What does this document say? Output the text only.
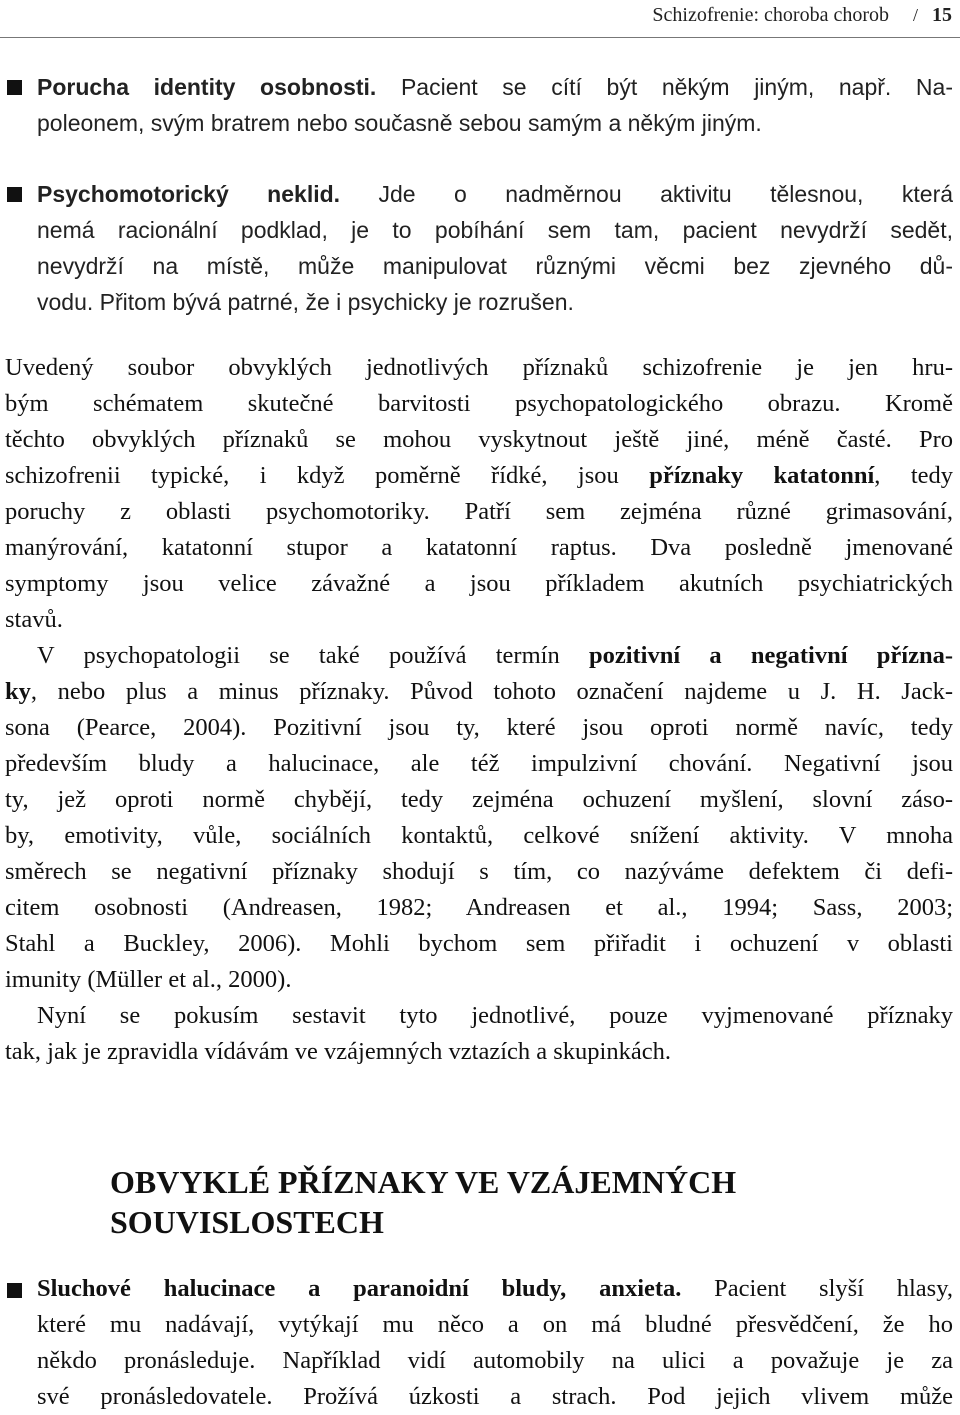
Schizofrenie: choroba chorob / 15
Porucha identity osobnosti. Pacient se cítí být někým jiným, např. Na-
poleonem, svým bratrem nebo současně sebou samým a někým jiným.
Psychomotorický neklid. Jde o nadměrnou aktivitu tělesnou, která
nemá racionální podklad, je to pobíhání sem tam, pacient nevydrží sedět,
nevydrží na místě, může manipulovat různými věcmi bez zjevného dů-
vodu. Přitom bývá patrné, že i psychicky je rozrušen.
Uvedený soubor obvyklých jednotlivých příznaků schizofrenie je jen hru-
bým schématem skutečné barvitosti psychopatologického obrazu. Kromě
těchto obvyklých příznaků se mohou vyskytnout ještě jiné, méně časté. Pro
schizofrenii typické, i když poměrně řídké, jsou příznaky katatonní, tedy
poruchy z oblasti psychomotoriky. Patří sem zejména různé grimasování,
manýrování, katatonní stupor a katatonní raptus. Dva posledně jmenované
symptomy jsou velice závažné a jsou příkladem akutních psychiatrických
stavů.
V psychopatologii se také používá termín pozitivní a negativní přízna-
ky, nebo plus a minus příznaky. Původ tohoto označení najdeme u J. H. Jack-
sona (Pearce, 2004). Pozitivní jsou ty, které jsou oproti normě navíc, tedy
především bludy a halucinace, ale též impulzivní chování. Negativní jsou
ty, jež oproti normě chybějí, tedy zejména ochuzení myšlení, slovní záso-
by, emotivity, vůle, sociálních kontaktů, celkové snížení aktivity. V mnoha
směrech se negativní příznaky shodují s tím, co nazýváme defektem či defi-
citem osobnosti (Andreasen, 1982; Andreasen et al., 1994; Sass, 2003;
Stahl a Buckley, 2006). Mohli bychom sem přiřadit i ochuzení v oblasti
imunity (Müller et al., 2000).
Nyní se pokusím sestavit tyto jednotlivé, pouze vyjmenované příznaky
tak, jak je zpravidla vídávám ve vzájemných vztazích a skupinkách.
OBVYKLÉ PŘÍZNAKY VE VZÁJEMNÝCH
SOUVISLOSTECH
Sluchové halucinace a paranoidní bludy, anxieta. Pacient slyší hlasy,
které mu nadávají, vytýkají mu něco a on má bludné přesvědčení, že ho
někdo pronásleduje. Například vidí automobily na ulici a považuje je za
své pronásledovatele. Prožívá úzkosti a strach. Pod jejich vlivem může
